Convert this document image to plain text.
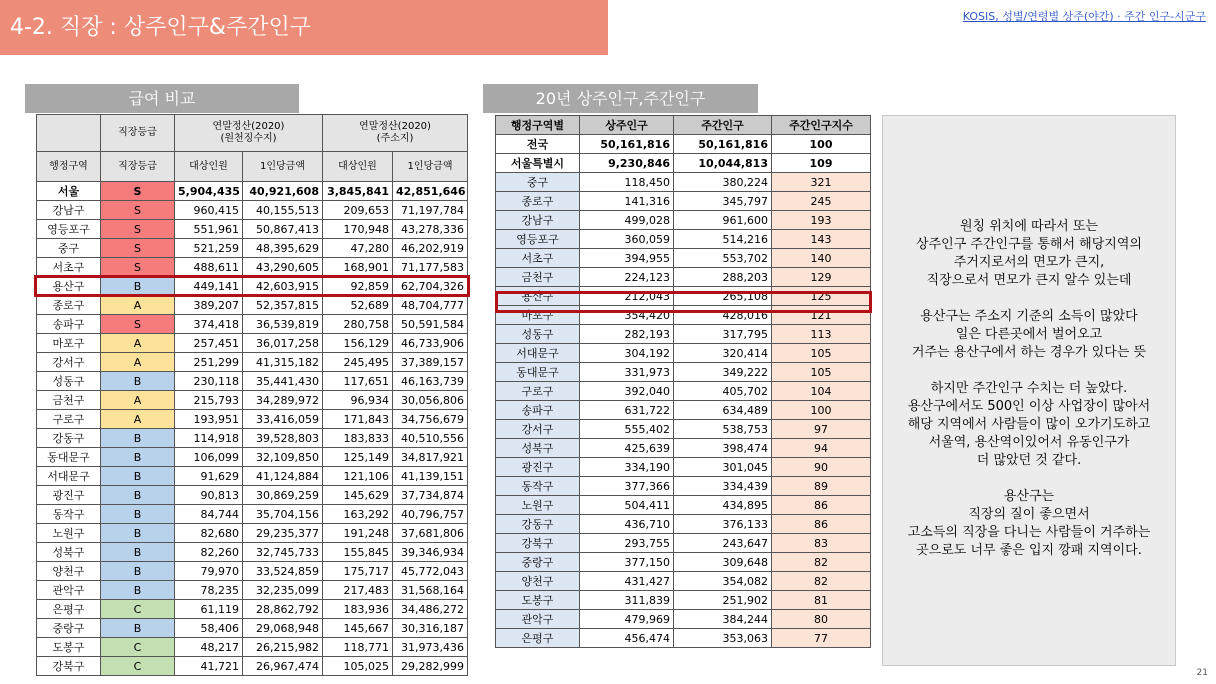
4-2. 직장 : 상주인구&주간인구	KOSIS, 성별/연령별 상주(야간) · 주간 인구-시군구
급여 비교	20년 상주인구,주간인구
	직장등급	연말정산(2020)
(원천징수지)		연말정산(2020)
(주소지)	
행정구역	직장등급	대상인원	1인당금액	대상인원	1인당금액
서울	S	5,904,435	40,921,608	3,845,841	42,851,646
강남구	S	960,415	40,155,513	209,653	71,197,784
영등포구	S	551,961	50,867,413	170,948	43,278,336
중구	S	521,259	48,395,629	47,280	46,202,919
서초구	S	488,611	43,290,605	168,901	71,177,583
용산구	B	449,141	42,603,915	92,859	62,704,326
종로구	A	389,207	52,357,815	52,689	48,704,777
송파구	S	374,418	36,539,819	280,758	50,591,584
마포구	A	257,451	36,017,258	156,129	46,733,906
강서구	A	251,299	41,315,182	245,495	37,389,157
성동구	B	230,118	35,441,430	117,651	46,163,739
금천구	A	215,793	34,289,972	96,934	30,056,806
구로구	A	193,951	33,416,059	171,843	34,756,679
강동구	B	114,918	39,528,803	183,833	40,510,556
동대문구	B	106,099	32,109,850	125,149	34,817,921
서대문구	B	91,629	41,124,884	121,106	41,139,151
광진구	B	90,813	30,869,259	145,629	37,734,874
동작구	B	84,744	35,704,156	163,292	40,796,757
노원구	B	82,680	29,235,377	191,248	37,681,806
성북구	B	82,260	32,745,733	155,845	39,346,934
양천구	B	79,970	33,524,859	175,717	45,772,043
관악구	B	78,235	32,235,099	217,483	31,568,164
은평구	C	61,119	28,862,792	183,936	34,486,272
중랑구	B	58,406	29,068,948	145,667	30,316,187
도봉구	C	48,217	26,215,982	118,771	31,973,436
강북구	C	41,721	26,967,474	105,025	29,282,999
행정구역별	상주인구	주간인구	주간인구지수
전국	50,161,816	50,161,816	100
서울특별시	9,230,846	10,044,813	109
중구	118,450	380,224	321
종로구	141,316	345,797	245
강남구	499,028	961,600	193
영등포구	360,059	514,216	143
서초구	394,955	553,702	140
금천구	224,123	288,203	129
용산구	212,043	265,108	125
마포구	354,420	428,016	121
성동구	282,193	317,795	113
서대문구	304,192	320,414	105
동대문구	331,973	349,222	105
구로구	392,040	405,702	104
송파구	631,722	634,489	100
강서구	555,402	538,753	97
성북구	425,639	398,474	94
광진구	334,190	301,045	90
동작구	377,366	334,439	89
노원구	504,411	434,895	86
강동구	436,710	376,133	86
강북구	293,755	243,647	83
중랑구	377,150	309,648	82
양천구	431,427	354,082	82
도봉구	311,839	251,902	81
관악구	479,969	384,244	80
은평구	456,474	353,063	77

원칭 위치에 따라서 또는
상주인구 주간인구를 통해서 해당지역의
주거지로서의 면모가 큰지,
직장으로서 면모가 큰지 알수 있는데

용산구는 주소지 기준의 소득이 많았다
일은 다른곳에서 벌어오고
거주는 용산구에서 하는 경우가 있다는 뜻

하지만 주간인구 수치는 더 높았다.
용산구에서도 500인 이상 사업장이 많아서
해당 지역에서 사람들이 많이 오가기도하고
서울역, 용산역이있어서 유동인구가
더 많았던 것 같다.

용산구는
직장의 질이 좋으면서
고소득의 직장을 다니는 사람들이 거주하는
곳으로도 너무 좋은 입지 깡패 지역이다.

21
